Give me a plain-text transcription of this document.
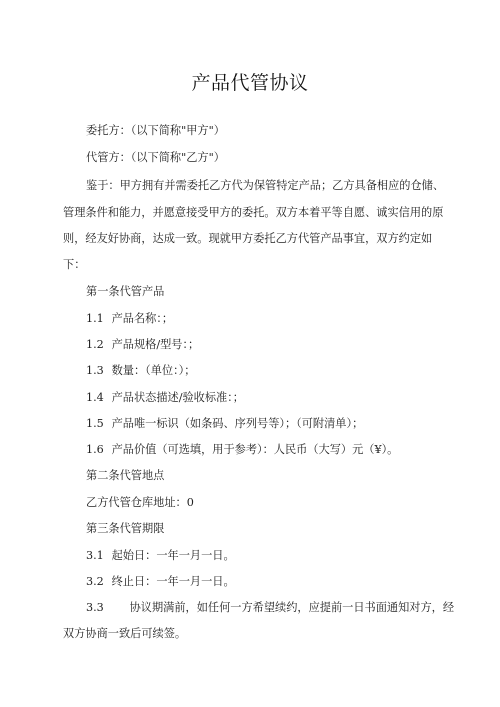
产品代管协议
委托方：（以下简称"甲方"）
代管方：（以下简称"乙方"）
鉴于：甲方拥有并需委托乙方代为保管特定产品；乙方具备相应的仓储、
管理条件和能力，并愿意接受甲方的委托。双方本着平等自愿、诚实信用的原
则，经友好协商，达成一致。现就甲方委托乙方代管产品事宜，双方约定如
下：
第一条代管产品
1.1 产品名称：；
1.2 产品规格/型号：；
1.3 数量：（单位：）；
1.4 产品状态描述/验收标准：；
1.5 产品唯一标识（如条码、序列号等）；（可附清单）；
1.6 产品价值（可选填，用于参考）：人民币（大写）元（¥）。
第二条代管地点
乙方代管仓库地址：0
第三条代管期限
3.1 起始日：一年一月一日。
3.2 终止日：一年一月一日。
3.3 协议期满前，如任何一方希望续约，应提前一日书面通知对方，经
双方协商一致后可续签。
